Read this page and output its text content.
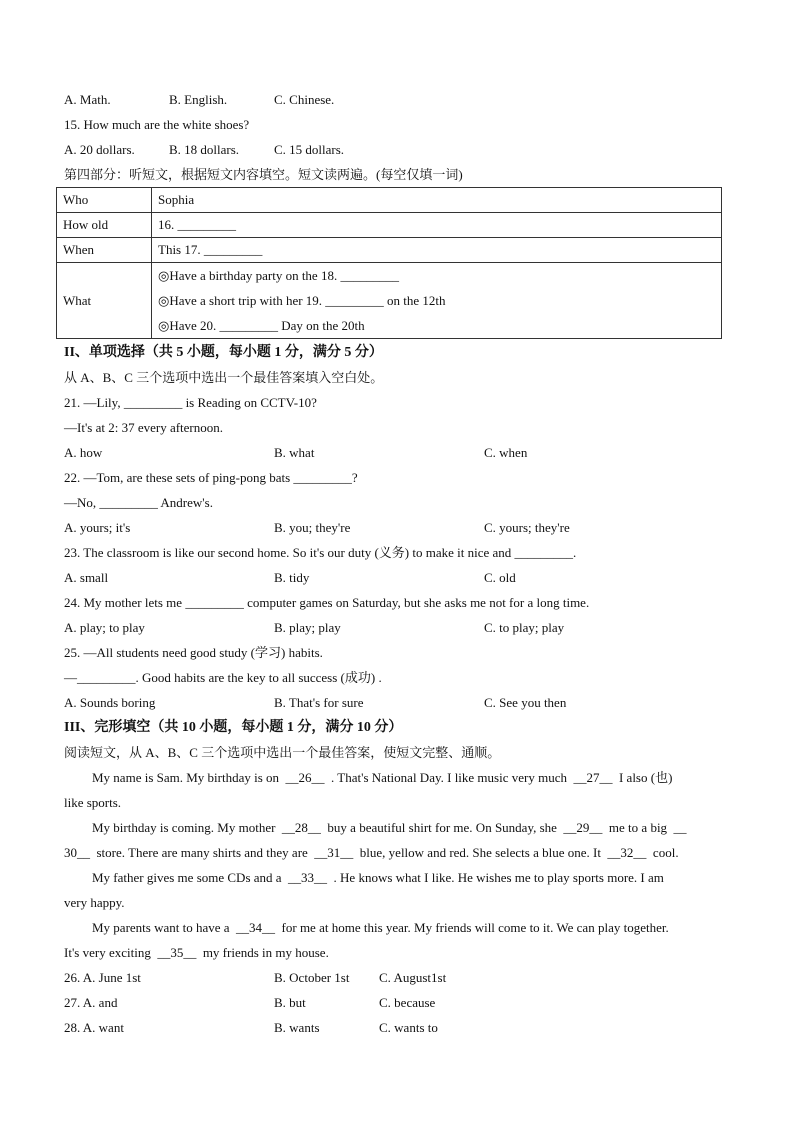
A. Math.	B. English.	C. Chinese.
15. How much are the white shoes?
A. 20 dollars.	B. 18 dollars.	C. 15 dollars.
第四部分：听短文，根据短文内容填空。短文读两遍。(每空仅填一词)
Who	Sophia
How old	16. _________
When	This 17. _________
What	◎Have a birthday party on the 18. _________
◎Have a short trip with her 19. _________ on the 12th
◎Have 20. _________ Day on the 20th
II、单项选择（共 5 小题，每小题 1 分，满分 5 分）
从 A、B、C 三个选项中选出一个最佳答案填入空白处。
21. —Lily, _________ is Reading on CCTV-10?
—It's at 2: 37 every afternoon.
A. how	B. what	C. when
22. —Tom, are these sets of ping-pong bats _________?
—No, _________ Andrew's.
A. yours; it's	B. you; they're	C. yours; they're
23. The classroom is like our second home. So it's our duty (义务) to make it nice and _________.
A. small	B. tidy	C. old
24. My mother lets me _________ computer games on Saturday, but she asks me not for a long time.
A. play; to play	B. play; play	C. to play; play
25. —All students need good study (学习) habits.
—_________. Good habits are the key to all success (成功) .
A. Sounds boring	B. That's for sure	C. See you then
III、完形填空（共 10 小题，每小题 1 分，满分 10 分）
阅读短文，从 A、B、C 三个选项中选出一个最佳答案，使短文完整、通顺。
My name is Sam. My birthday is on  __26__  . That's National Day. I like music very much  __27__  I also (也)
like sports.
My birthday is coming. My mother  __28__  buy a beautiful shirt for me. On Sunday, she  __29__  me to a big  __
30__  store. There are many shirts and they are  __31__  blue, yellow and red. She selects a blue one. It  __32__  cool.
My father gives me some CDs and a  __33__  . He knows what I like. He wishes me to play sports more. I am
very happy.
My parents want to have a  __34__  for me at home this year. My friends will come to it. We can play together.
It's very exciting  __35__  my friends in my house.
26. A. June 1st	B. October 1st C. August1st
27. A. and	B. but	C. because
28. A. want	B. wants	C. wants to
